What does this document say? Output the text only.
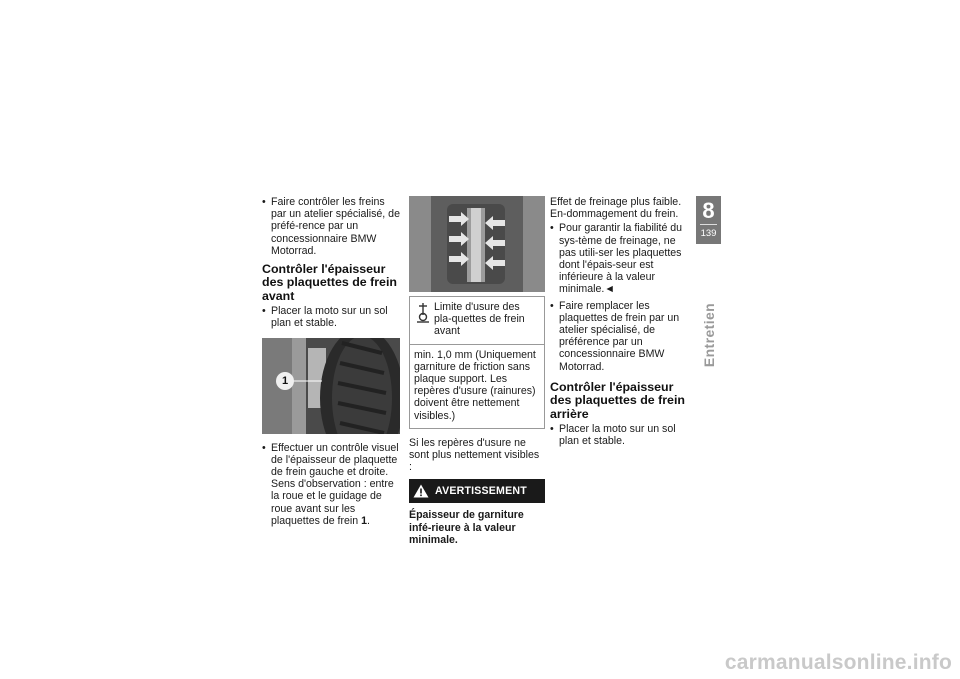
• Faire contrôler les freins par un atelier spécialisé, de préfé-rence par un concessionnaire BMW Motorrad.
Contrôler l'épaisseur des plaquettes de frein avant
• Placer la moto sur un sol plan et stable.
1
• Effectuer un contrôle visuel de l'épaisseur de plaquette de frein gauche et droite. Sens d'observation : entre la roue et le guidage de roue avant sur les plaquettes de frein 1.
Limite d'usure des pla-quettes de frein avant
min. 1,0 mm (Uniquement garniture de friction sans plaque support. Les repères d'usure (rainures) doivent être nettement visibles.)
Si les repères d'usure ne sont plus nettement visibles :
AVERTISSEMENT
Épaisseur de garniture infé-rieure à la valeur minimale.
Effet de freinage plus faible. En-dommagement du frein.
• Pour garantir la fiabilité du sys-tème de freinage, ne pas utili-ser les plaquettes dont l'épais-seur est inférieure à la valeur minimale.◄
• Faire remplacer les plaquettes de frein par un atelier spécialisé, de préférence par un concessionnaire BMW Motorrad.
Contrôler l'épaisseur des plaquettes de frein arrière
• Placer la moto sur un sol plan et stable.
8
139
Entretien
carmanualsonline.info
